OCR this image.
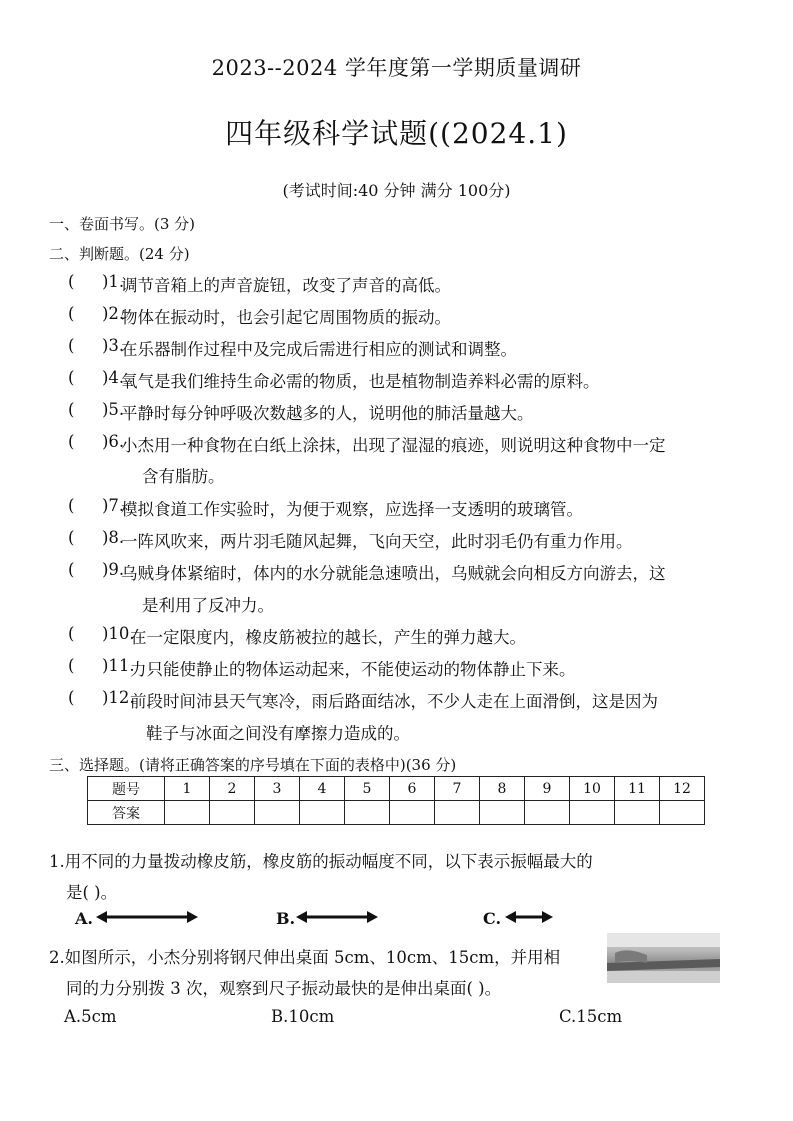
2023--2024 学年度第一学期质量调研
四年级科学试题((2024.1)
(考试时间:40 分钟 满分 100分)
一、卷面书写。(3 分)
二、判断题。(24 分)
( )1.
调节音箱上的声音旋钮，改变了声音的高低。
( )2.
物体在振动时，也会引起它周围物质的振动。
( )3.
在乐器制作过程中及完成后需进行相应的测试和调整。
( )4.
氧气是我们维持生命必需的物质，也是植物制造养料必需的原料。
( )5.
平静时每分钟呼吸次数越多的人，说明他的肺活量越大。
( )6.
小杰用一种食物在白纸上涂抹，出现了湿湿的痕迹，则说明这种食物中一定
含有脂肪。
( )7.
模拟食道工作实验时，为便于观察，应选择一支透明的玻璃管。
( )8.
一阵风吹来，两片羽毛随风起舞，飞向天空，此时羽毛仍有重力作用。
( )9.
乌贼身体紧缩时，体内的水分就能急速喷出，乌贼就会向相反方向游去，这
是利用了反冲力。
( )10.
在一定限度内，橡皮筋被拉的越长，产生的弹力越大。
( )11.
力只能使静止的物体运动起来，不能使运动的物体静止下来。
( )12.
前段时间沛县天气寒冷，雨后路面结冰，不少人走在上面滑倒，这是因为
鞋子与冰面之间没有摩擦力造成的。
三、选择题。(请将正确答案的序号填在下面的表格中)(36 分)
题号	1	2	3	4	5	6	7	8	9	10	11	12
答案												
1.用不同的力量拨动橡皮筋，橡皮筋的振动幅度不同，以下表示振幅最大的
是( )。
A.	B.	C.
2.如图所示，小杰分别将钢尺伸出桌面 5cm、10cm、15cm，并用相
同的力分别拨 3 次，观察到尺子振动最快的是伸出桌面( )。
A.5cm	B.10cm	C.15cm
